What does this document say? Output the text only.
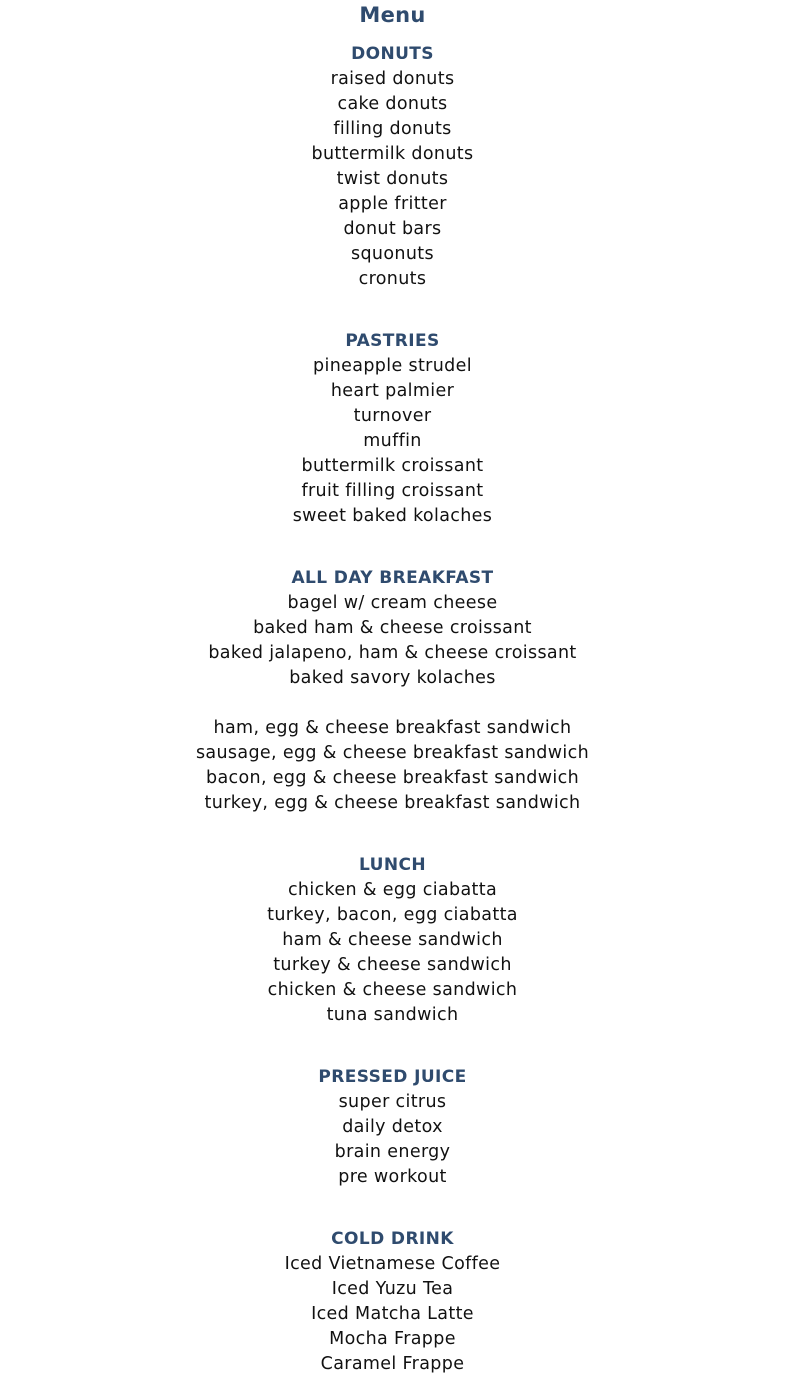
Menu
DONUTS
raised donuts
cake donuts
filling donuts
buttermilk donuts
twist donuts
apple fritter
donut bars
squonuts
cronuts
PASTRIES
pineapple strudel
heart palmier
turnover
muffin
buttermilk croissant
fruit filling croissant
sweet baked kolaches
ALL DAY BREAKFAST
bagel w/ cream cheese
baked ham & cheese croissant
baked jalapeno, ham & cheese croissant
baked savory kolaches
ham, egg & cheese breakfast sandwich
sausage, egg & cheese breakfast sandwich
bacon, egg & cheese breakfast sandwich
turkey, egg & cheese breakfast sandwich
LUNCH
chicken & egg ciabatta
turkey, bacon, egg ciabatta
ham & cheese sandwich
turkey & cheese sandwich
chicken & cheese sandwich
tuna sandwich
PRESSED JUICE
super citrus
daily detox
brain energy
pre workout
COLD DRINK
Iced Vietnamese Coffee
Iced Yuzu Tea
Iced Matcha Latte
Mocha Frappe
Caramel Frappe
